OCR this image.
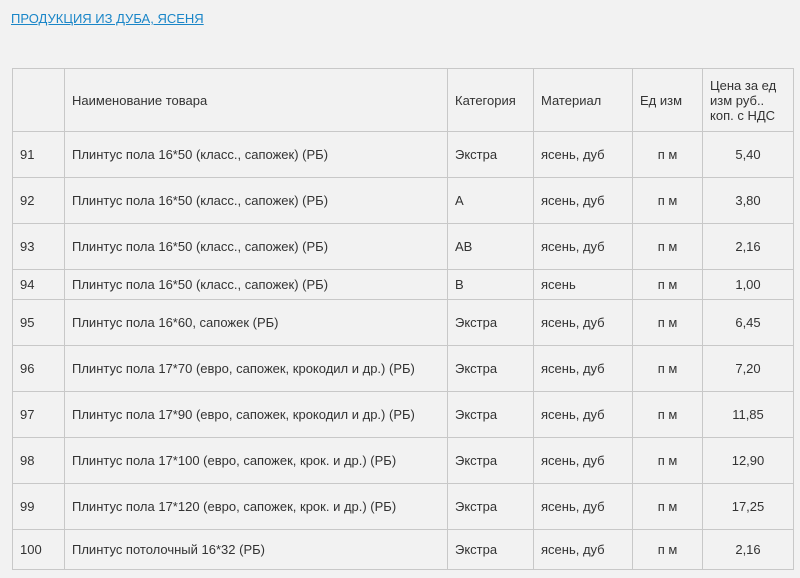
ПРОДУКЦИЯ ИЗ ДУБА, ЯСЕНЯ
	Наименование товара	Категория	Материал	Ед изм	Цена за ед изм руб.. коп. с НДС
91	Плинтус пола 16*50 (класс., сапожек) (РБ)	Экстра	ясень, дуб	п м	5,40
92	Плинтус пола 16*50 (класс., сапожек) (РБ)	А	ясень, дуб	п м	3,80
93	Плинтус пола 16*50 (класс., сапожек) (РБ)	АВ	ясень, дуб	п м	2,16
94	Плинтус пола 16*50 (класс., сапожек) (РБ)	В	ясень	п м	1,00
95	Плинтус пола 16*60, сапожек (РБ)	Экстра	ясень, дуб	п м	6,45
96	Плинтус пола 17*70 (евро, сапожек, крокодил и др.) (РБ)	Экстра	ясень, дуб	п м	7,20
97	Плинтус пола 17*90 (евро, сапожек, крокодил и др.) (РБ)	Экстра	ясень, дуб	п м	11,85
98	Плинтус пола 17*100 (евро, сапожек, крок. и др.) (РБ)	Экстра	ясень, дуб	п м	12,90
99	Плинтус пола 17*120 (евро, сапожек, крок. и др.) (РБ)	Экстра	ясень, дуб	п м	17,25
100	Плинтус потолочный 16*32 (РБ)	Экстра	ясень, дуб	п м	2,16
